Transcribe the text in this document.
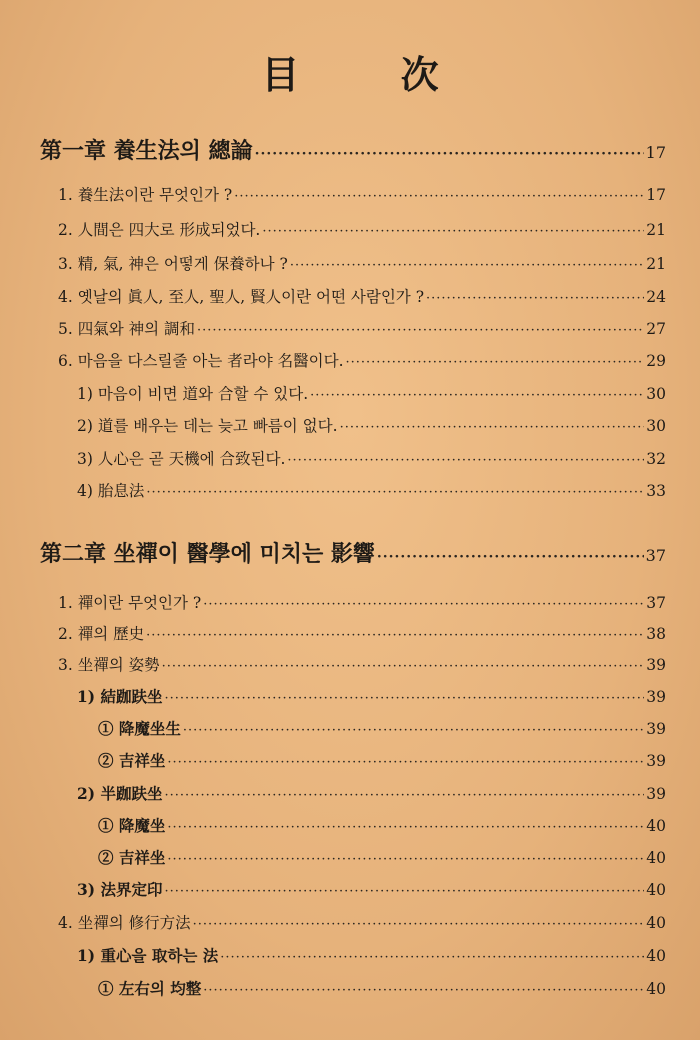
目 次
第一章 養生法의 總論 ·····	17
1. 養生法이란 무엇인가 ? ·····	17
2. 人間은 四大로 形成되었다. ·····	21
3. 精, 氣, 神은 어떻게 保養하나 ? ·····	21
4. 옛날의 眞人, 至人, 聖人, 賢人이란 어떤 사람인가 ? ·····	24
5. 四氣와 神의 調和 ·····	27
6. 마음을 다스릴줄 아는 者라야 名醫이다. ·····	29
1) 마음이 비면 道와 合할 수 있다. ·····	30
2) 道를 배우는 데는 늦고 빠름이 없다. ·····	30
3) 人心은 곧 天機에 合致된다. ·····	32
4) 胎息法 ·····	33
第二章 坐禪이 醫學에 미치는 影響 ·····	37
1. 禪이란 무엇인가 ? ·····	37
2. 禪의 歷史 ·····	38
3. 坐禪의 姿勢 ·····	39
1) 結跏趺坐 ·····	39
① 降魔坐生 ·····	39
② 吉祥坐 ·····	39
2) 半跏趺坐 ·····	39
① 降魔坐 ·····	40
② 吉祥坐 ·····	40
3) 法界定印 ·····	40
4. 坐禪의 修行方法 ·····	40
1) 重心을 取하는 法 ·····	40
① 左右의 均整 ·····	40
